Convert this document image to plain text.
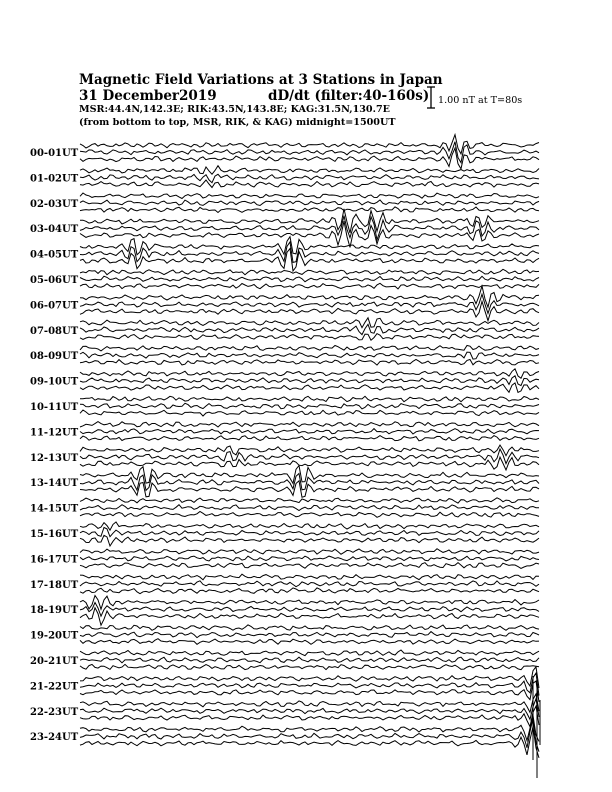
Magnetic Field Variations at 3 Stations in Japan
31 December2019	dD/dt (filter:40-160s)
MSR:44.4N,142.3E; RIK:43.5N,143.8E; KAG:31.5N,130.7E
(from bottom to top, MSR, RIK, & KAG) midnight=1500UT
1.00 nT at T=80s
00-01UT
01-02UT
02-03UT
03-04UT
04-05UT
05-06UT
06-07UT
07-08UT
08-09UT
09-10UT
10-11UT
11-12UT
12-13UT
13-14UT
14-15UT
15-16UT
16-17UT
17-18UT
18-19UT
19-20UT
20-21UT
21-22UT
22-23UT
23-24UT
